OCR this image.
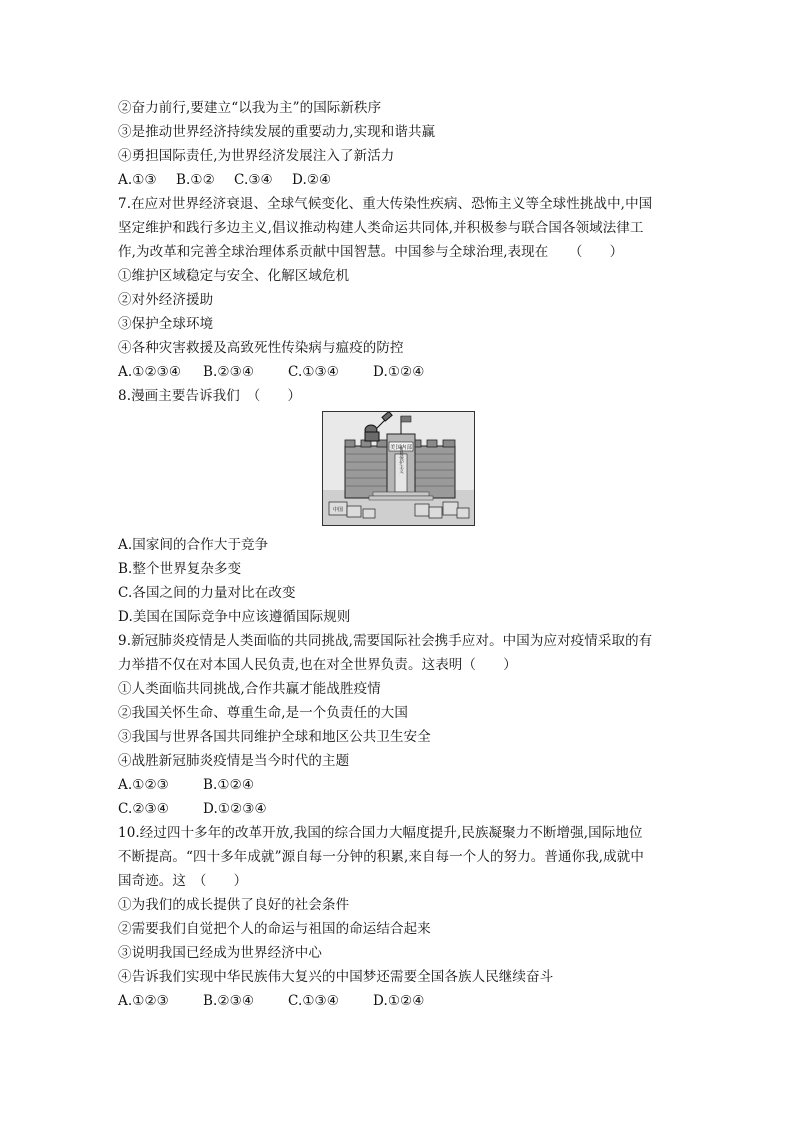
②奋力前行,要建立“以我为主”的国际新秩序
③是推动世界经济持续发展的重要动力,实现和谐共赢
④勇担国际责任,为世界经济发展注入了新活力
A.①③ B.①② C.③④ D.②④
7.在应对世界经济衰退、全球气候变化、重大传染性疾病、恐怖主义等全球性挑战中,中国
坚定维护和践行多边主义,倡议推动构建人类命运共同体,并积极参与联合国各领域法律工
作,为改革和完善全球治理体系贡献中国智慧。中国参与全球治理,表现在　　（　　）
①维护区域稳定与安全、化解区域危机
②对外经济援助
③保护全球环境
④各种灾害救援及高致死性传染病与瘟疫的防控
A.①②③④ B.②③④	C.①③④	D.①②④
8.漫画主要告诉我们　（　　）
美国内部
贸易保护主义
中国
A.国家间的合作大于竞争
B.整个世界复杂多变
C.各国之间的力量对比在改变
D.美国在国际竞争中应该遵循国际规则
9.新冠肺炎疫情是人类面临的共同挑战,需要国际社会携手应对。中国为应对疫情采取的有
力举措不仅在对本国人民负责,也在对全世界负责。这表明（　　）
①人类面临共同挑战,合作共赢才能战胜疫情
②我国关怀生命、尊重生命,是一个负责任的大国
③我国与世界各国共同维护全球和地区公共卫生安全
④战胜新冠肺炎疫情是当今时代的主题
A.①②③	B.①②④
C.②③④	D.①②③④
10.经过四十多年的改革开放,我国的综合国力大幅度提升,民族凝聚力不断增强,国际地位
不断提高。“四十多年成就”源自每一分钟的积累,来自每一个人的努力。普通你我,成就中
国奇迹。这　（　　）
①为我们的成长提供了良好的社会条件
②需要我们自觉把个人的命运与祖国的命运结合起来
③说明我国已经成为世界经济中心
④告诉我们实现中华民族伟大复兴的中国梦还需要全国各族人民继续奋斗
A.①②③	B.②③④	C.①③④	D.①②④
